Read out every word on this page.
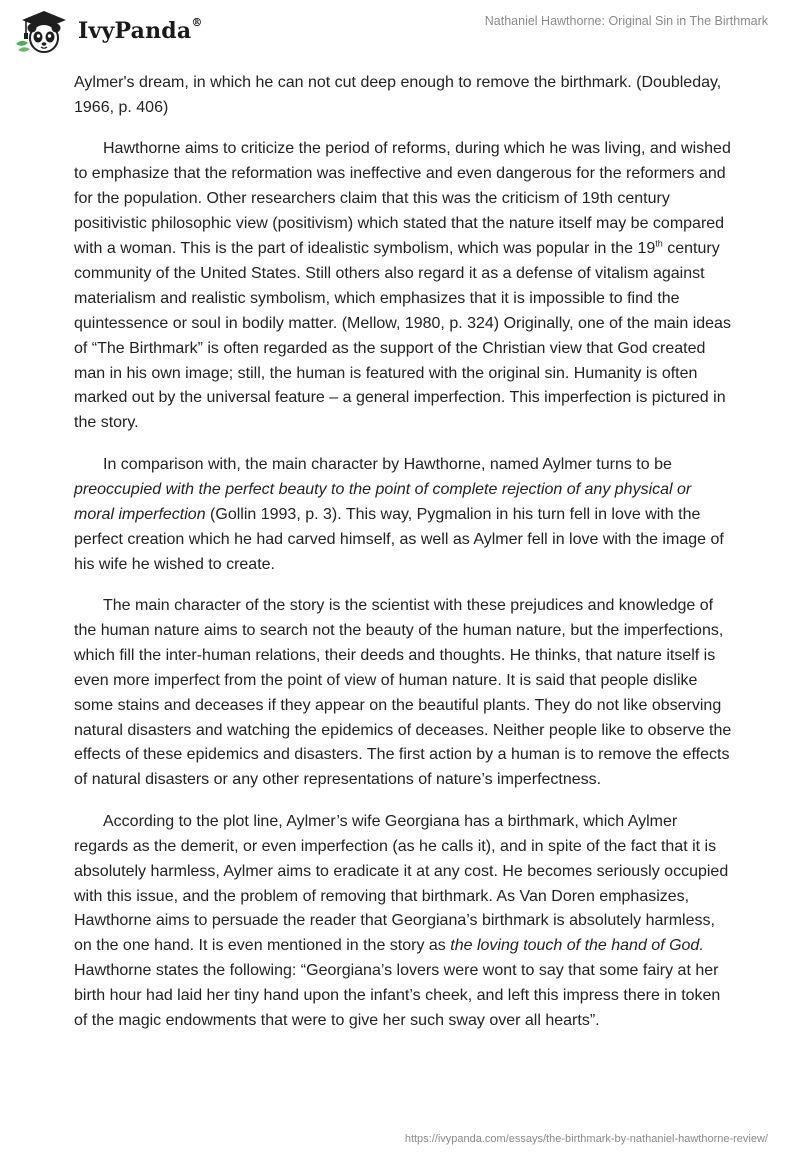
IvyPanda®	Nathaniel Hawthorne: Original Sin in The Birthmark

Aylmer's dream, in which he can not cut deep enough to remove the birthmark. (Doubleday, 1966, p. 406)

Hawthorne aims to criticize the period of reforms, during which he was living, and wished to emphasize that the reformation was ineffective and even dangerous for the reformers and for the population. Other researchers claim that this was the criticism of 19th century positivistic philosophic view (positivism) which stated that the nature itself may be compared with a woman. This is the part of idealistic symbolism, which was popular in the 19th century community of the United States. Still others also regard it as a defense of vitalism against materialism and realistic symbolism, which emphasizes that it is impossible to find the quintessence or soul in bodily matter. (Mellow, 1980, p. 324) Originally, one of the main ideas of “The Birthmark” is often regarded as the support of the Christian view that God created man in his own image; still, the human is featured with the original sin. Humanity is often marked out by the universal feature – a general imperfection. This imperfection is pictured in the story.

In comparison with, the main character by Hawthorne, named Aylmer turns to be preoccupied with the perfect beauty to the point of complete rejection of any physical or moral imperfection (Gollin 1993, p. 3). This way, Pygmalion in his turn fell in love with the perfect creation which he had carved himself, as well as Aylmer fell in love with the image of his wife he wished to create.

The main character of the story is the scientist with these prejudices and knowledge of the human nature aims to search not the beauty of the human nature, but the imperfections, which fill the inter-human relations, their deeds and thoughts. He thinks, that nature itself is even more imperfect from the point of view of human nature. It is said that people dislike some stains and deceases if they appear on the beautiful plants. They do not like observing natural disasters and watching the epidemics of deceases. Neither people like to observe the effects of these epidemics and disasters. The first action by a human is to remove the effects of natural disasters or any other representations of nature’s imperfectness.

According to the plot line, Aylmer’s wife Georgiana has a birthmark, which Aylmer regards as the demerit, or even imperfection (as he calls it), and in spite of the fact that it is absolutely harmless, Aylmer aims to eradicate it at any cost. He becomes seriously occupied with this issue, and the problem of removing that birthmark. As Van Doren emphasizes, Hawthorne aims to persuade the reader that Georgiana’s birthmark is absolutely harmless, on the one hand. It is even mentioned in the story as the loving touch of the hand of God. Hawthorne states the following: “Georgiana’s lovers were wont to say that some fairy at her birth hour had laid her tiny hand upon the infant’s cheek, and left this impress there in token of the magic endowments that were to give her such sway over all hearts”.

https://ivypanda.com/essays/the-birthmark-by-nathaniel-hawthorne-review/
